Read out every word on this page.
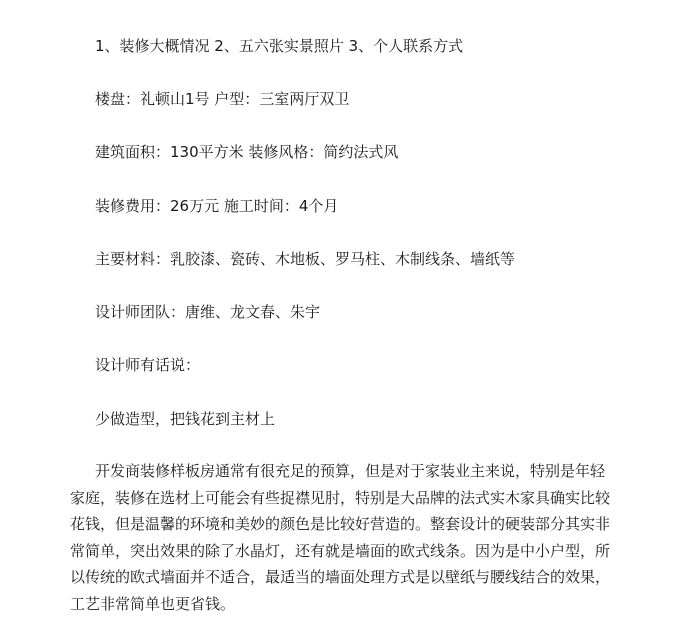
1、装修大概情况 2、五六张实景照片 3、个人联系方式

楼盘：礼顿山1号 户型：三室两厅双卫

建筑面积：130平方米 装修风格：简约法式风

装修费用：26万元 施工时间：4个月

主要材料：乳胶漆、瓷砖、木地板、罗马柱、木制线条、墙纸等

设计师团队：唐维、龙文春、朱宇

设计师有话说：

少做造型，把钱花到主材上

开发商装修样板房通常有很充足的预算，但是对于家装业主来说，特别是年轻
家庭，装修在选材上可能会有些捉襟见肘，特别是大品牌的法式实木家具确实比较
花钱，但是温馨的环境和美妙的颜色是比较好营造的。整套设计的硬装部分其实非
常简单，突出效果的除了水晶灯，还有就是墙面的欧式线条。因为是中小户型，所
以传统的欧式墙面并不适合，最适当的墙面处理方式是以壁纸与腰线结合的效果，
工艺非常简单也更省钱。
